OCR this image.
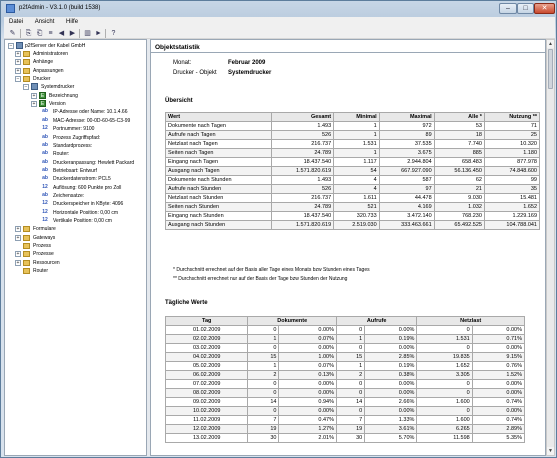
p2fAdmin - V3.1.0 (build 1538)	–	□	✕
Datei Ansicht Hilfe
✎ ⎘ ⎗ ≡ ◀ ▶ ▥ ►	?
−	p2fServer der Kabel GmbH
+	Administratoren
+	Anhänge
+	Anpassungen
−	Drucker
−	Systemdrucker
+	E Bezeichnung
+	E Version
ab	IP-Adresse oder Name: 10.1.4.66
ab	MAC-Adresse: 00-0D-60-65-C3-99
12	Portnummer: 9100
ab	Prozess Zugriffspfad:
ab	Standardprozess:
ab	Router:
ab	Druckeranpassung: Hewlett Packard
ab	Betriebsart: Entwurf
ab	Druckerdatenstrom: PCL5
12	Auflösung: 600 Punkte pro Zoll
ab	Zeichensatze:
12	Druckerspeicher in KByte: 4096
12	Horizontale Position: 0,00 cm
12	Vertikale Position: 0,00 cm
+	Formulare
+	Gateways
Prozess
+	Prozesse
+	Ressourcen
Router
Objektstatistik
Monat:	Februar 2009
Drucker - Objekt Systemdrucker
Übersicht
Wert	Gesamt	Minimal	Maximal	Alle *	Nutzung **
Dokumente nach Tagen	1.493	1	972	53	71
Aufrufe nach Tagen	526	1	89	18	25
Netzlast nach Tagen	216.737	1.531	37.535	7.740	10.320
Seiten nach Tagen	24.789	1	3.675	885	1.180
Eingang nach Tagen	18.437.540	1.117	2.944.804	658.483	877.978
Ausgang nach Tagen	1.571.820.619	54	667.927.090	56.136.450	74.848.600
Dokumente nach Stunden	1.493	4	587	62	99
Aufrufe nach Stunden	526	4	97	21	35
Netzlast nach Stunden	216.737	1.611	44.478	9.030	15.481
Seiten nach Stunden	24.789	521	4.169	1.032	1.652
Eingang nach Stunden	18.437.540	320.733	3.472.140	768.230	1.229.169
Ausgang nach Stunden	1.571.820.619	2.519.030	333.463.661	65.492.525	104.788.041
* Durchschnitt errechnet auf der Basis aller Tage eines Monats bzw Stunden eines Tages
** Durchschnitt errechnet nur auf der Basis der Tage bzw Stunden der Nutzung
Tägliche Werte
Tag	Dokumente		Aufrufe		Netzlast	
01.02.2009	0	0.00%	0	0.00%	0	0.00%
02.02.2009	1	0.07%	1	0.19%	1.531	0.71%
03.02.2009	0	0.00%	0	0.00%	0	0.00%
04.02.2009	15	1.00%	15	2.85%	19.835	9.15%
05.02.2009	1	0.07%	1	0.19%	1.652	0.76%
06.02.2009	2	0.13%	2	0.38%	3.305	1.52%
07.02.2009	0	0.00%	0	0.00%	0	0.00%
08.02.2009	0	0.00%	0	0.00%	0	0.00%
09.02.2009	14	0.94%	14	2.66%	1.600	0.74%
10.02.2009	0	0.00%	0	0.00%	0	0.00%
11.02.2009	7	0.47%	7	1.33%	1.600	0.74%
12.02.2009	19	1.27%	19	3.61%	6.265	2.89%
13.02.2009	30	2.01%	30	5.70%	11.598	5.35%
▲
▼
